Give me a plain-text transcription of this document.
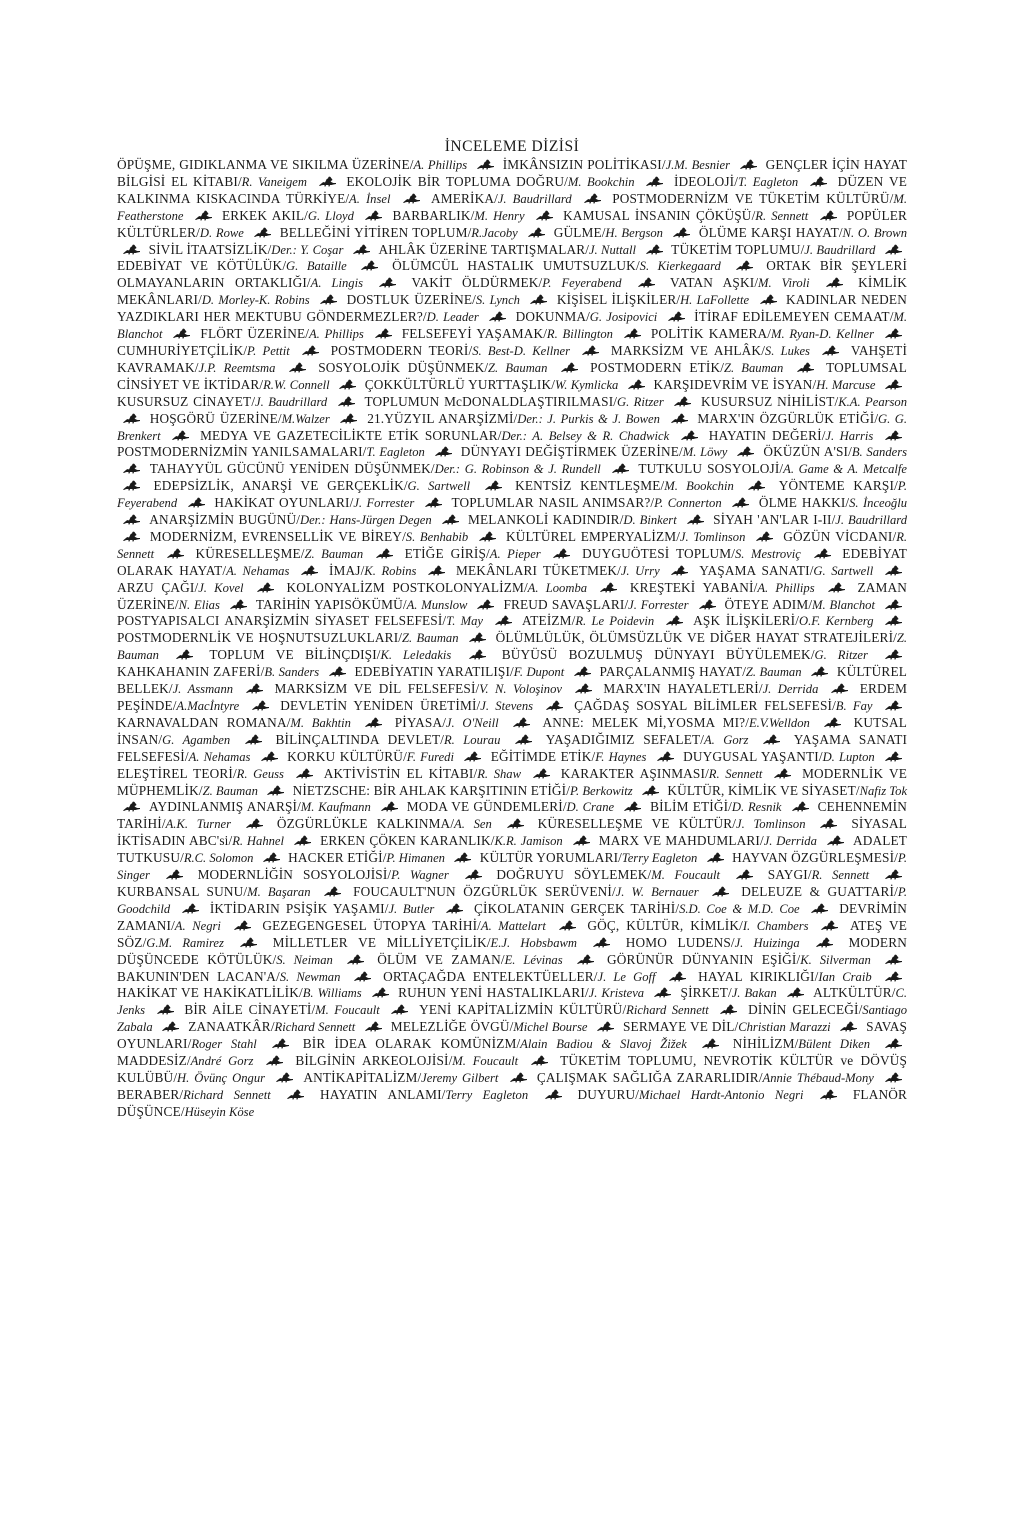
İNCELEME DİZİSİ

ÖPÜŞME, GIDIKLANMA VE SIKILMA ÜZERİNE/A. Phillips	İMKÂNSIZIN POLİTİKASI/J.M. Besnier	GENÇLER İÇİN HAYAT BİLGİSİ EL KİTABI/R. Vaneigem	EKOLOJİK BİR TOPLUMA DOĞRU/M. Bookchin	İDEOLOJİ/T. Eagleton	DÜZEN VE KALKINMA KISKACINDA TÜRKİYE/A. İnsel	AMERİKA/J. Baudrillard	POSTMODERNİZM VE TÜKETİM KÜLTÜRÜ/M. Featherstone	ERKEK AKIL/G. Lloyd	BARBARLIK/M. Henry	KAMUSAL İNSANIN ÇÖKÜŞÜ/R. Sennett	POPÜLER KÜLTÜRLER/D. Rowe	BELLEĞİNİ YİTİREN TOPLUM/R.Jacoby	GÜLME/H. Bergson	ÖLÜME KARŞI HAYAT/N. O. Brown
SİVİL İTAATSİZLİK/Der.: Y. Coşar	AHLÂK ÜZERİNE TARTIŞMALAR/J. Nuttall	TÜKETİM TOPLUMU/J. Baudrillard
EDEBİYAT VE KÖTÜLÜK/G. Bataille	ÖLÜMCÜL HASTALIK UMUTSUZLUK/S. Kierkegaard	ORTAK BİR ŞEYLERİ OLMAYANLARIN ORTAKLIĞI/A. Lingis	VAKİT ÖLDÜRMEK/P. Feyerabend	VATAN AŞKI/M. Viroli	KİMLİK MEKÂNLARI/D. Morley-K. Robins	DOSTLUK ÜZERİNE/S. Lynch	KİŞİSEL İLİŞKİLER/H. LaFollette	KADINLAR NEDEN YAZDIKLARI HER MEKTUBU GÖNDERMEZLER?/D. Leader	DOKUNMA/G. Josipovici	İTİRAF EDİLEMEYEN CEMAAT/M. Blanchot	FLÖRT ÜZERİNE/A. Phillips	FELSEFEYİ YAŞAMAK/R. Billington	POLİTİK KAMERA/M. Ryan-D. Kellner
CUMHURİYETÇİLİK/P. Pettit	POSTMODERN TEORİ/S. Best-D. Kellner	MARKSİZM VE AHLÂK/S. Lukes	VAHŞETİ KAVRAMAK/J.P. Reemtsma	SOSYOLOJİK DÜŞÜNMEK/Z. Bauman	POSTMODERN ETİK/Z. Bauman	TOPLUMSAL CİNSİYET VE İKTİDAR/R.W. Connell	ÇOKKÜLTÜRLÜ YURTTAŞLIK/W. Kymlicka	KARŞIDEVRİM VE İSYAN/H. Marcuse
KUSURSUZ CİNAYET/J. Baudrillard	TOPLUMUN McDONALDLAŞTIRILMASI/G. Ritzer	KUSURSUZ NİHİLİST/K.A. Pearson
HOŞGÖRÜ ÜZERİNE/M.Walzer	21.YÜZYIL ANARŞİZMİ/Der.: J. Purkis & J. Bowen	MARX'IN ÖZGÜRLÜK ETİĞİ/G. G. Brenkert	MEDYA VE GAZETECİLİKTE ETİK SORUNLAR/Der.: A. Belsey & R. Chadwick	HAYATIN DEĞERİ/J. Harris
POSTMODERNİZMİN YANILSAMALARI/T. Eagleton	DÜNYAYI DEĞİŞTİRMEK ÜZERİNE/M. Löwy	ÖKÜZÜN A'SI/B. Sanders
TAHAYYÜL GÜCÜNÜ YENİDEN DÜŞÜNMEK/Der.: G. Robinson & J. Rundell	TUTKULU SOSYOLOJİ/A. Game & A. Metcalfe
EDEPSİZLİK, ANARŞİ VE GERÇEKLİK/G. Sartwell	KENTSİZ KENTLEŞME/M. Bookchin	YÖNTEME KARŞI/P. Feyerabend	HAKİKAT OYUNLARI/J. Forrester	TOPLUMLAR NASIL ANIMSAR?/P. Connerton	ÖLME HAKKI/S. İnceoğlu
ANARŞİZMİN BUGÜNÜ/Der.: Hans-Jürgen Degen	MELANKOLİ KADINDIR/D. Binkert	SİYAH 'AN'LAR I-II/J. Baudrillard
MODERNİZM, EVRENSELLİK VE BİREY/S. Benhabib	KÜLTÜREL EMPERYALİZM/J. Tomlinson	GÖZÜN VİCDANI/R. Sennett	KÜRESELLEŞME/Z. Bauman	ETİĞE GİRİŞ/A. Pieper	DUYGUÖTESİ TOPLUM/S. Mestroviç	EDEBİYAT OLARAK HAYAT/A. Nehamas	İMAJ/K. Robins	MEKÂNLARI TÜKETMEK/J. Urry	YAŞAMA SANATI/G. Sartwell
ARZU ÇAĞI/J. Kovel	KOLONYALİZM POSTKOLONYALİZM/A. Loomba	KREŞTEKİ YABANİ/A. Phillips	ZAMAN ÜZERİNE/N. Elias	TARİHİN YAPISÖKÜMÜ/A. Munslow	FREUD SAVAŞLARI/J. Forrester	ÖTEYE ADIM/M. Blanchot
POSTYAPISALCI ANARŞİZMİN SİYASET FELSEFESİ/T. May	ATEİZM/R. Le Poidevin	AŞK İLİŞKİLERİ/O.F. Kernberg
POSTMODERNLİK VE HOŞNUTSUZLUKLARI/Z. Bauman	ÖLÜMLÜLÜK, ÖLÜMSÜZLÜK VE DİĞER HAYAT STRATEJİLERİ/Z. Bauman	TOPLUM VE BİLİNÇDIŞI/K. Leledakis	BÜYÜSÜ BOZULMUŞ DÜNYAYI BÜYÜLEMEK/G. Ritzer
KAHKAHANIN ZAFERİ/B. Sanders	EDEBİYATIN YARATILIŞI/F. Dupont	PARÇALANMIŞ HAYAT/Z. Bauman	KÜLTÜREL BELLEK/J. Assmann	MARKSİZM VE DİL FELSEFESİ/V. N. Voloşinov	MARX'IN HAYALETLERİ/J. Derrida	ERDEM PEŞİNDE/A.Macİntyre	DEVLETİN YENİDEN ÜRETİMİ/J. Stevens	ÇAĞDAŞ SOSYAL BİLİMLER FELSEFESİ/B. Fay
KARNAVALDAN ROMANA/M. Bakhtin	PİYASA/J. O'Neill	ANNE: MELEK Mİ,YOSMA MI?/E.V.Welldon	KUTSAL İNSAN/G. Agamben	BİLİNÇALTINDA DEVLET/R. Lourau	YAŞADIĞIMIZ SEFALET/A. Gorz	YAŞAMA SANATI FELSEFESİ/A. Nehamas	KORKU KÜLTÜRÜ/F. Furedi	EĞİTİMDE ETİK/F. Haynes	DUYGUSAL YAŞANTI/D. Lupton
ELEŞTİREL TEORİ/R. Geuss	AKTİVİSTİN EL KİTABI/R. Shaw	KARAKTER AŞINMASI/R. Sennett	MODERNLİK VE MÜPHEMLİK/Z. Bauman	NİETZSCHE: BİR AHLAK KARŞITININ ETİĞİ/P. Berkowitz	KÜLTÜR, KİMLİK VE SİYASET/Nafiz Tok
AYDINLANMIŞ ANARŞİ/M. Kaufmann	MODA VE GÜNDEMLERİ/D. Crane	BİLİM ETİĞİ/D. Resnik	CEHENNEMİN TARİHİ/A.K. Turner	ÖZGÜRLÜKLE KALKINMA/A. Sen	KÜRESELLEŞME VE KÜLTÜR/J. Tomlinson	SİYASAL İKTİSADIN ABC'si/R. Hahnel	ERKEN ÇÖKEN KARANLIK/K.R. Jamison	MARX VE MAHDUMLARI/J. Derrida	ADALET TUTKUSU/R.C. Solomon	HACKER ETİĞİ/P. Himanen	KÜLTÜR YORUMLARI/Terry Eagleton	HAYVAN ÖZGÜRLEŞMESİ/P. Singer	MODERNLİĞİN SOSYOLOJİSİ/P. Wagner	DOĞRUYU SÖYLEMEK/M. Foucault	SAYGI/R. Sennett
KURBANSAL SUNU/M. Başaran	FOUCAULT'NUN ÖZGÜRLÜK SERÜVENİ/J. W. Bernauer	DELEUZE & GUATTARİ/P. Goodchild	İKTİDARIN PSİŞİK YAŞAMI/J. Butler	ÇİKOLATANIN GERÇEK TARİHİ/S.D. Coe & M.D. Coe	DEVRİMİN ZAMANI/A. Negri	GEZEGENGESEL ÜTOPYA TARİHİ/A. Mattelart	GÖÇ, KÜLTÜR, KİMLİK/I. Chambers	ATEŞ VE SÖZ/G.M. Ramirez	MİLLETLER VE MİLLİYETÇİLİK/E.J. Hobsbawm	HOMO LUDENS/J. Huizinga	MODERN DÜŞÜNCEDE KÖTÜLÜK/S. Neiman	ÖLÜM VE ZAMAN/E. Lévinas	GÖRÜNÜR DÜNYANIN EŞİĞİ/K. Silverman
BAKUNIN'DEN LACAN'A/S. Newman	ORTAÇAĞDA ENTELEKTÜELLER/J. Le Goff	HAYAL KIRIKLIĞI/Ian Craib
HAKİKAT VE HAKİKATLİLİK/B. Williams	RUHUN YENİ HASTALIKLARI/J. Kristeva	ŞİRKET/J. Bakan	ALTKÜLTÜR/C. Jenks	BİR AİLE CİNAYETİ/M. Foucault	YENİ KAPİTALİZMİN KÜLTÜRÜ/Richard Sennett	DİNİN GELECEĞİ/Santiago Zabala	ZANAATKÂR/Richard Sennett	MELEZLİĞE ÖVGÜ/Michel Bourse	SERMAYE VE DİL/Christian Marazzi	SAVAŞ OYUNLARI/Roger Stahl	BİR İDEA OLARAK KOMÜNİZM/Alain Badiou & Slavoj Žižek	NİHİLİZM/Bülent Diken
MADDESİZ/André Gorz	BİLGİNİN ARKEOLOJİSİ/M. Foucault	TÜKETİM TOPLUMU, NEVROTİK KÜLTÜR ve DÖVÜŞ KULÜBÜ/H. Övünç Ongur	ANTİKAPİTALİZM/Jeremy Gilbert	ÇALIŞMAK SAĞLIĞA ZARARLIDIR/Annie Thébaud-Mony
BERABER/Richard Sennett	HAYATIN ANLAMI/Terry Eagleton	DUYURU/Michael Hardt-Antonio Negri	FLANÖR DÜŞÜNCE/Hüseyin Köse
